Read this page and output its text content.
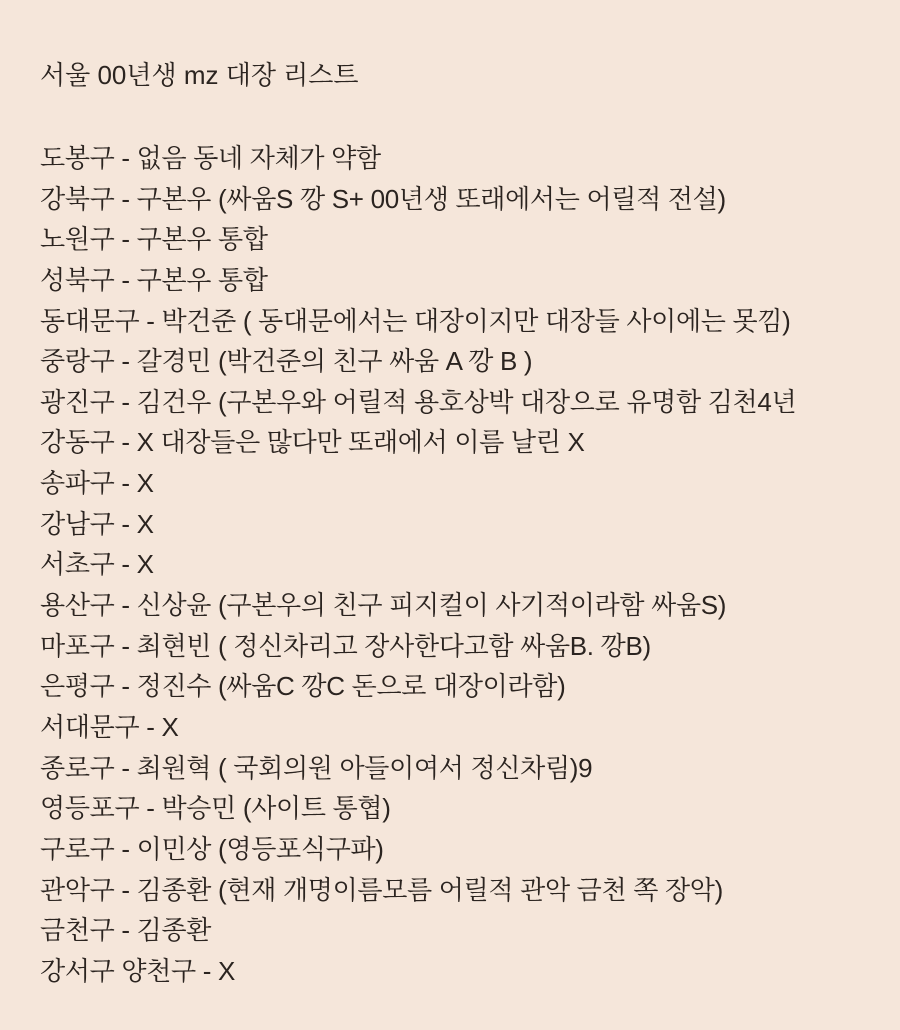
서울 00년생 mz 대장 리스트
도봉구 - 없음 동네 자체가 약함
강북구 - 구본우 (싸움S 깡 S+ 00년생 또래에서는 어릴적 전설)
노원구 - 구본우 통합
성북구 - 구본우 통합
동대문구 - 박건준 ( 동대문에서는 대장이지만 대장들 사이에는 못낌)
중랑구 - 갈경민 (박건준의 친구 싸움 A 깡 B )
광진구 - 김건우 (구본우와 어릴적 용호상박 대장으로 유명함 김천4년
강동구 - X 대장들은 많다만 또래에서 이름 날린 X
송파구 - X
강남구 - X
서초구 - X
용산구 - 신상윤 (구본우의 친구 피지컬이 사기적이라함 싸움S)
마포구 - 최현빈 ( 정신차리고 장사한다고함 싸움B. 깡B)
은평구 - 정진수 (싸움C 깡C 돈으로 대장이라함)
서대문구 - X
종로구 - 최원혁 ( 국회의원 아들이여서 정신차림)9
영등포구 - 박승민 (사이트 통협)
구로구 - 이민상 (영등포식구파)
관악구 - 김종환 (현재 개명이름모름 어릴적 관악 금천 쪽 장악)
금천구 - 김종환
강서구 양천구 - X
